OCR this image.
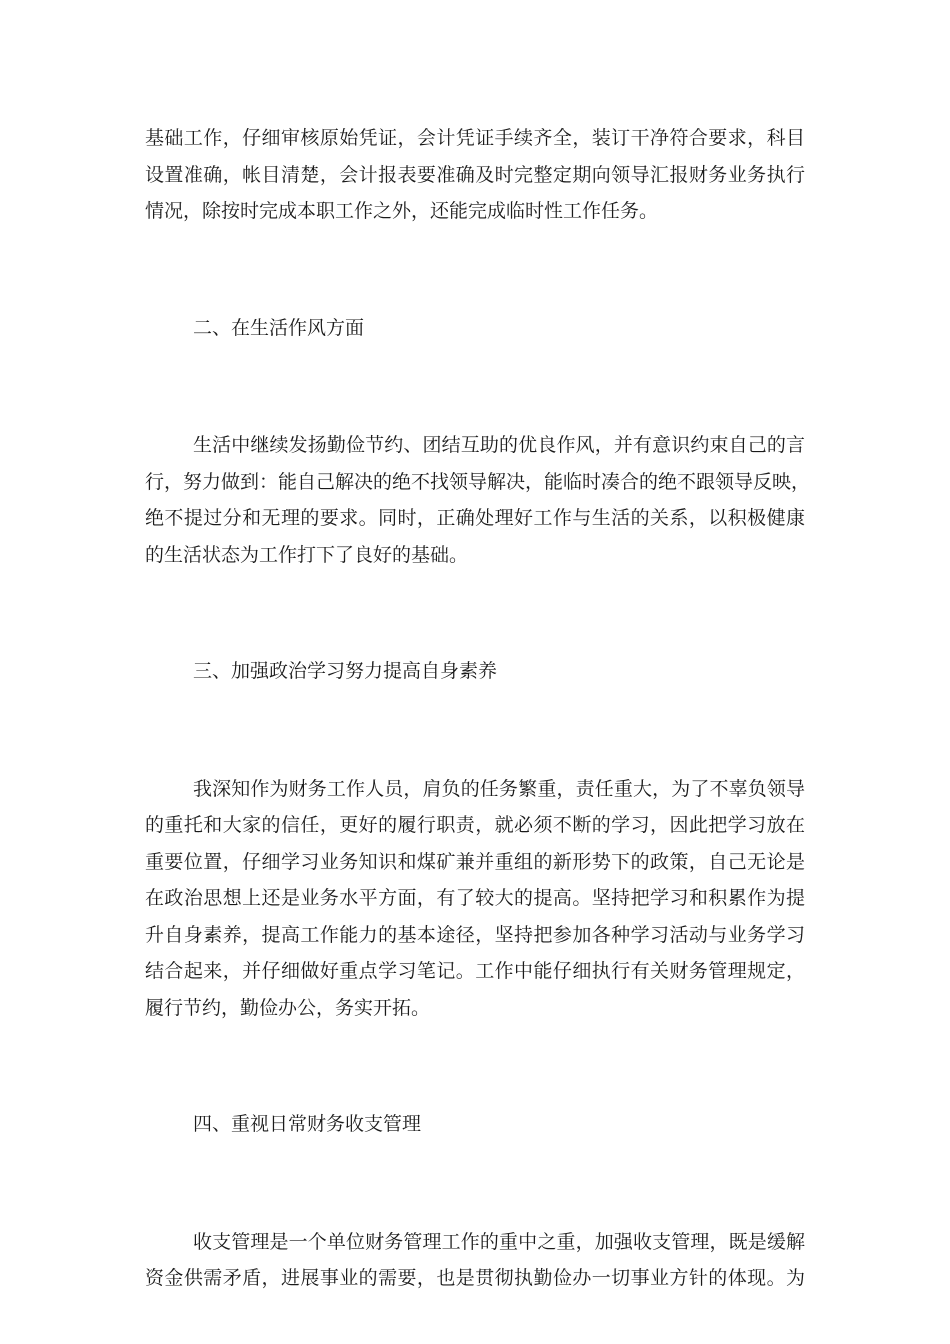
基础工作，仔细审核原始凭证，会计凭证手续齐全，装订干净符合要求，科目
设置准确，帐目清楚，会计报表要准确及时完整定期向领导汇报财务业务执行
情况，除按时完成本职工作之外，还能完成临时性工作任务。
二、在生活作风方面
生活中继续发扬勤俭节约、团结互助的优良作风，并有意识约束自己的言
行，努力做到：能自己解决的绝不找领导解决，能临时凑合的绝不跟领导反映，
绝不提过分和无理的要求。同时，正确处理好工作与生活的关系，以积极健康
的生活状态为工作打下了良好的基础。
三、加强政治学习努力提高自身素养
我深知作为财务工作人员，肩负的任务繁重，责任重大，为了不辜负领导
的重托和大家的信任，更好的履行职责，就必须不断的学习，因此把学习放在
重要位置，仔细学习业务知识和煤矿兼并重组的新形势下的政策，自己无论是
在政治思想上还是业务水平方面，有了较大的提高。坚持把学习和积累作为提
升自身素养，提高工作能力的基本途径，坚持把参加各种学习活动与业务学习
结合起来，并仔细做好重点学习笔记。工作中能仔细执行有关财务管理规定，
履行节约，勤俭办公，务实开拓。
四、重视日常财务收支管理
收支管理是一个单位财务管理工作的重中之重，加强收支管理，既是缓解
资金供需矛盾，进展事业的需要，也是贯彻执勤俭办一切事业方针的体现。为
